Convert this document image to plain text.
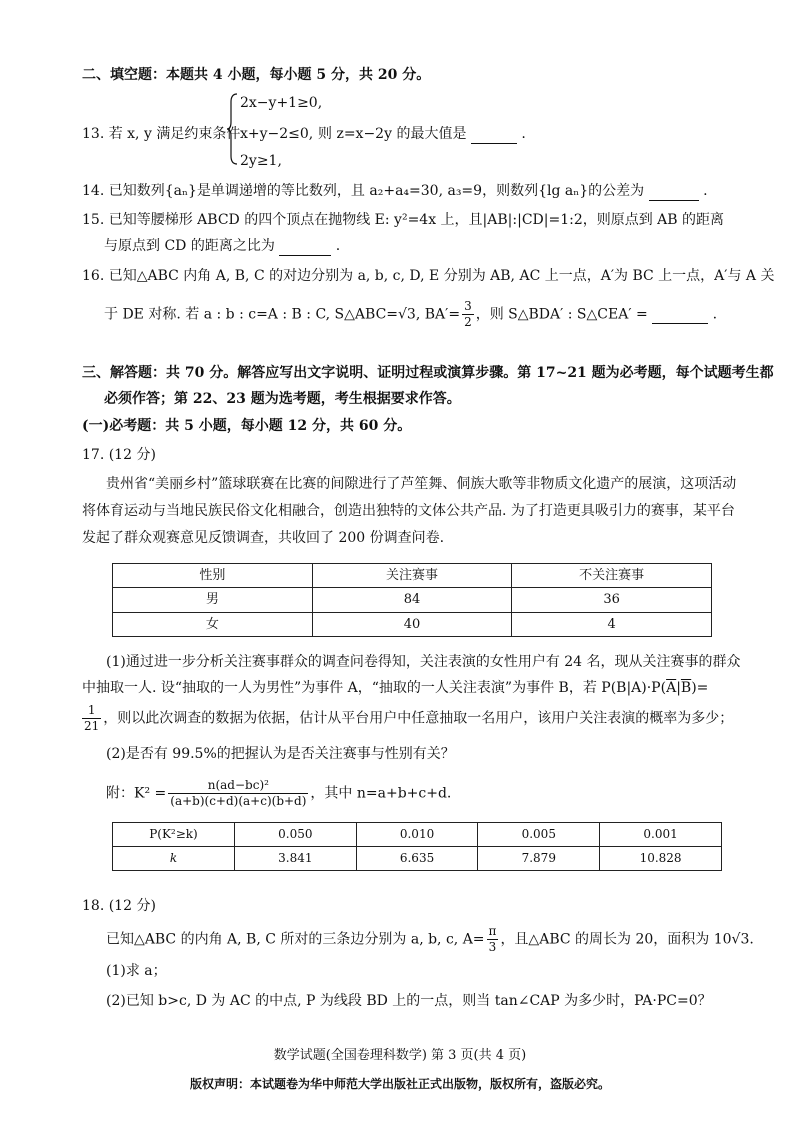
二、填空题：本题共 4 小题，每小题 5 分，共 20 分。
13. 若 x, y 满足约束条件
2x−y+1≥0,
x+y−2≤0,
2y≥1,
则 z=x−2y 的最大值是	.
14. 已知数列{aₙ}是单调递增的等比数列，且 a₂+a₄=30, a₃=9，则数列{lg aₙ}的公差为	.
15. 已知等腰梯形 ABCD 的四个顶点在抛物线 E: y²=4x 上，且|AB|:|CD|=1:2，则原点到 AB 的距离
与原点到 CD 的距离之比为	.
16. 已知△ABC 内角 A, B, C 的对边分别为 a, b, c, D, E 分别为 AB, AC 上一点，A′为 BC 上一点，A′与 A 关
于 DE 对称. 若 a : b : c=A : B : C, S△ABC=√3, $BA'= \frac{3}{2}$ ，则 S△BDA′ : S△CEA′ =	.
三、解答题：共 70 分。解答应写出文字说明、证明过程或演算步骤。第 17~21 题为必考题，每个试题考生都
必须作答；第 22、23 题为选考题，考生根据要求作答。
(一)必考题：共 5 小题，每小题 12 分，共 60 分。
17. (12 分)
贵州省“美丽乡村”篮球联赛在比赛的间隙进行了芦笙舞、侗族大歌等非物质文化遗产的展演，这项活动
将体育运动与当地民族民俗文化相融合，创造出独特的文体公共产品. 为了打造更具吸引力的赛事，某平台
发起了群众观赛意见反馈调查，共收回了 200 份调查问卷.
性别	关注赛事	不关注赛事
男	84	36
女	40	4
(1)通过进一步分析关注赛事群众的调查问卷得知，关注表演的女性用户有 24 名，现从关注赛事的群众
中抽取一人. 设“抽取的一人为男性”为事件 A，“抽取的一人关注表演”为事件 B，若 $P(B|A)\cdot P(\overline{A}|\overline{B})=$
$\frac{1}{21}$ ，则以此次调查的数据为依据，估计从平台用户中任意抽取一名用户，该用户关注表演的概率为多少；
(2)是否有 99.5%的把握认为是否关注赛事与性别有关？
附：$K^2 = \frac{\text{n(ad−bc)²}}{(a+b)(c+d)(a+c)(b+d)}$ ，其中 n=a+b+c+d.
P(K²≥k)	0.050	0.010	0.005	0.001
k	3.841	6.635	7.879	10.828
18. (12 分)
已知△ABC 的内角 A, B, C 所对的三条边分别为 a, b, c, $A= \frac{\pi}{3}$ ，且△ABC 的周长为 20，面积为 10√3.
(1)求 a；
(2)已知 b>c, D 为 AC 的中点, P 为线段 BD 上的一点，则当 tan∠CAP 为多少时，PA·PC=0？
数学试题(全国卷理科数学) 第 3 页(共 4 页)
版权声明：本试题卷为华中师范大学出版社正式出版物，版权所有，盗版必究。
